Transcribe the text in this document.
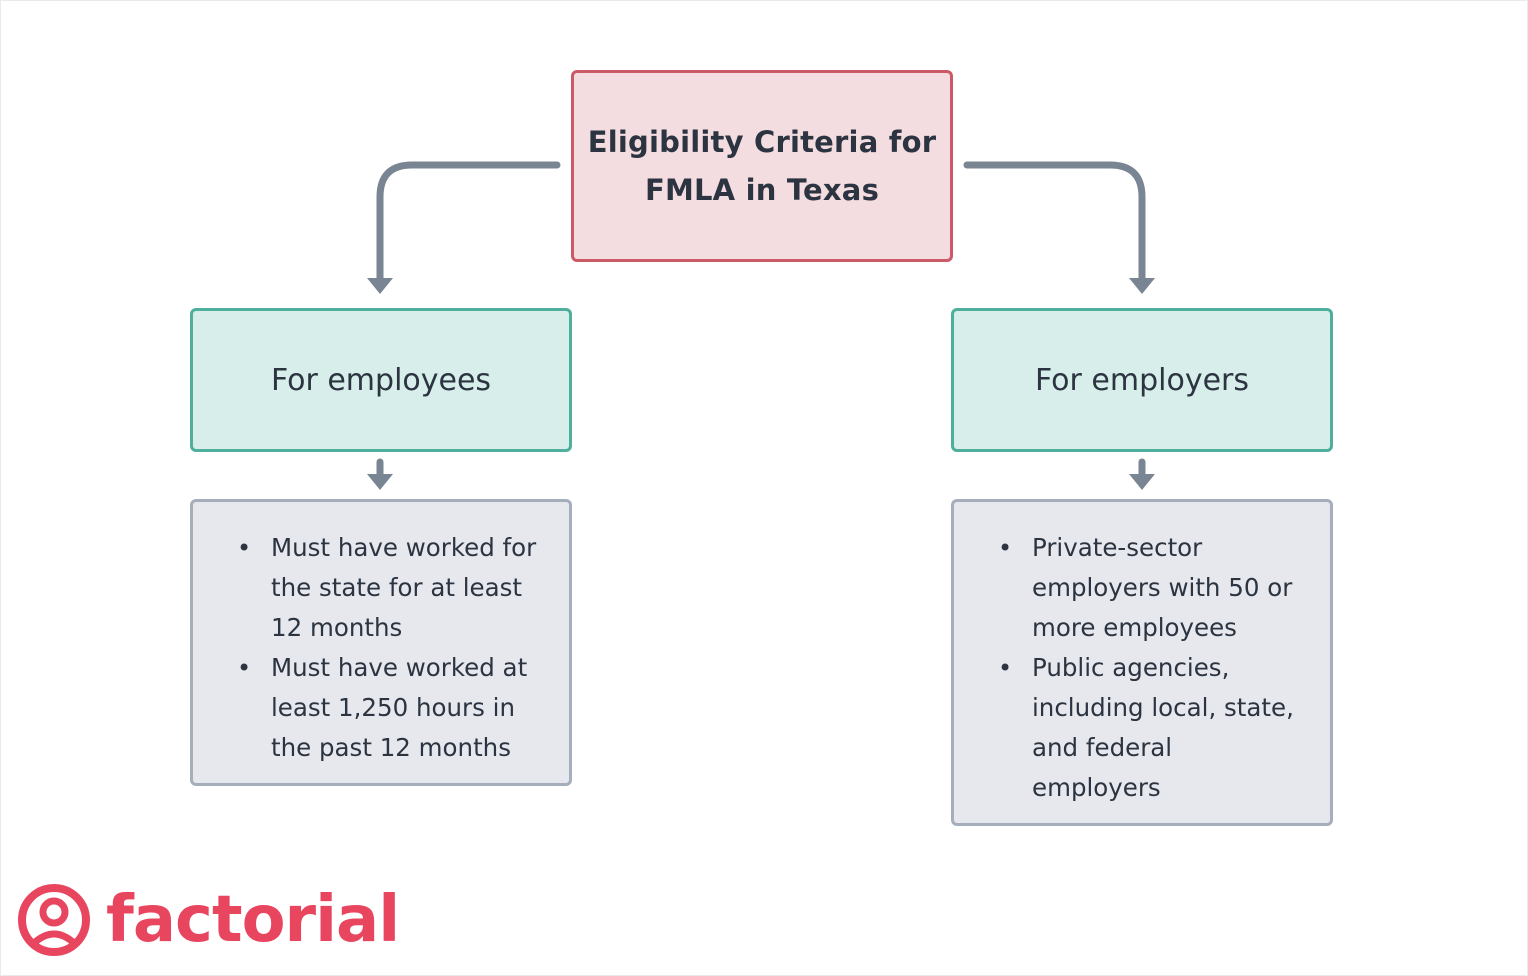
Eligibility Criteria for
FMLA in Texas
For employees	For employers
• Must have worked for
the state for at least
12 months
• Must have worked at
least 1,250 hours in
the past 12 months
• Private-sector
employers with 50 or
more employees
• Public agencies,
including local, state,
and federal
employers
factorial
